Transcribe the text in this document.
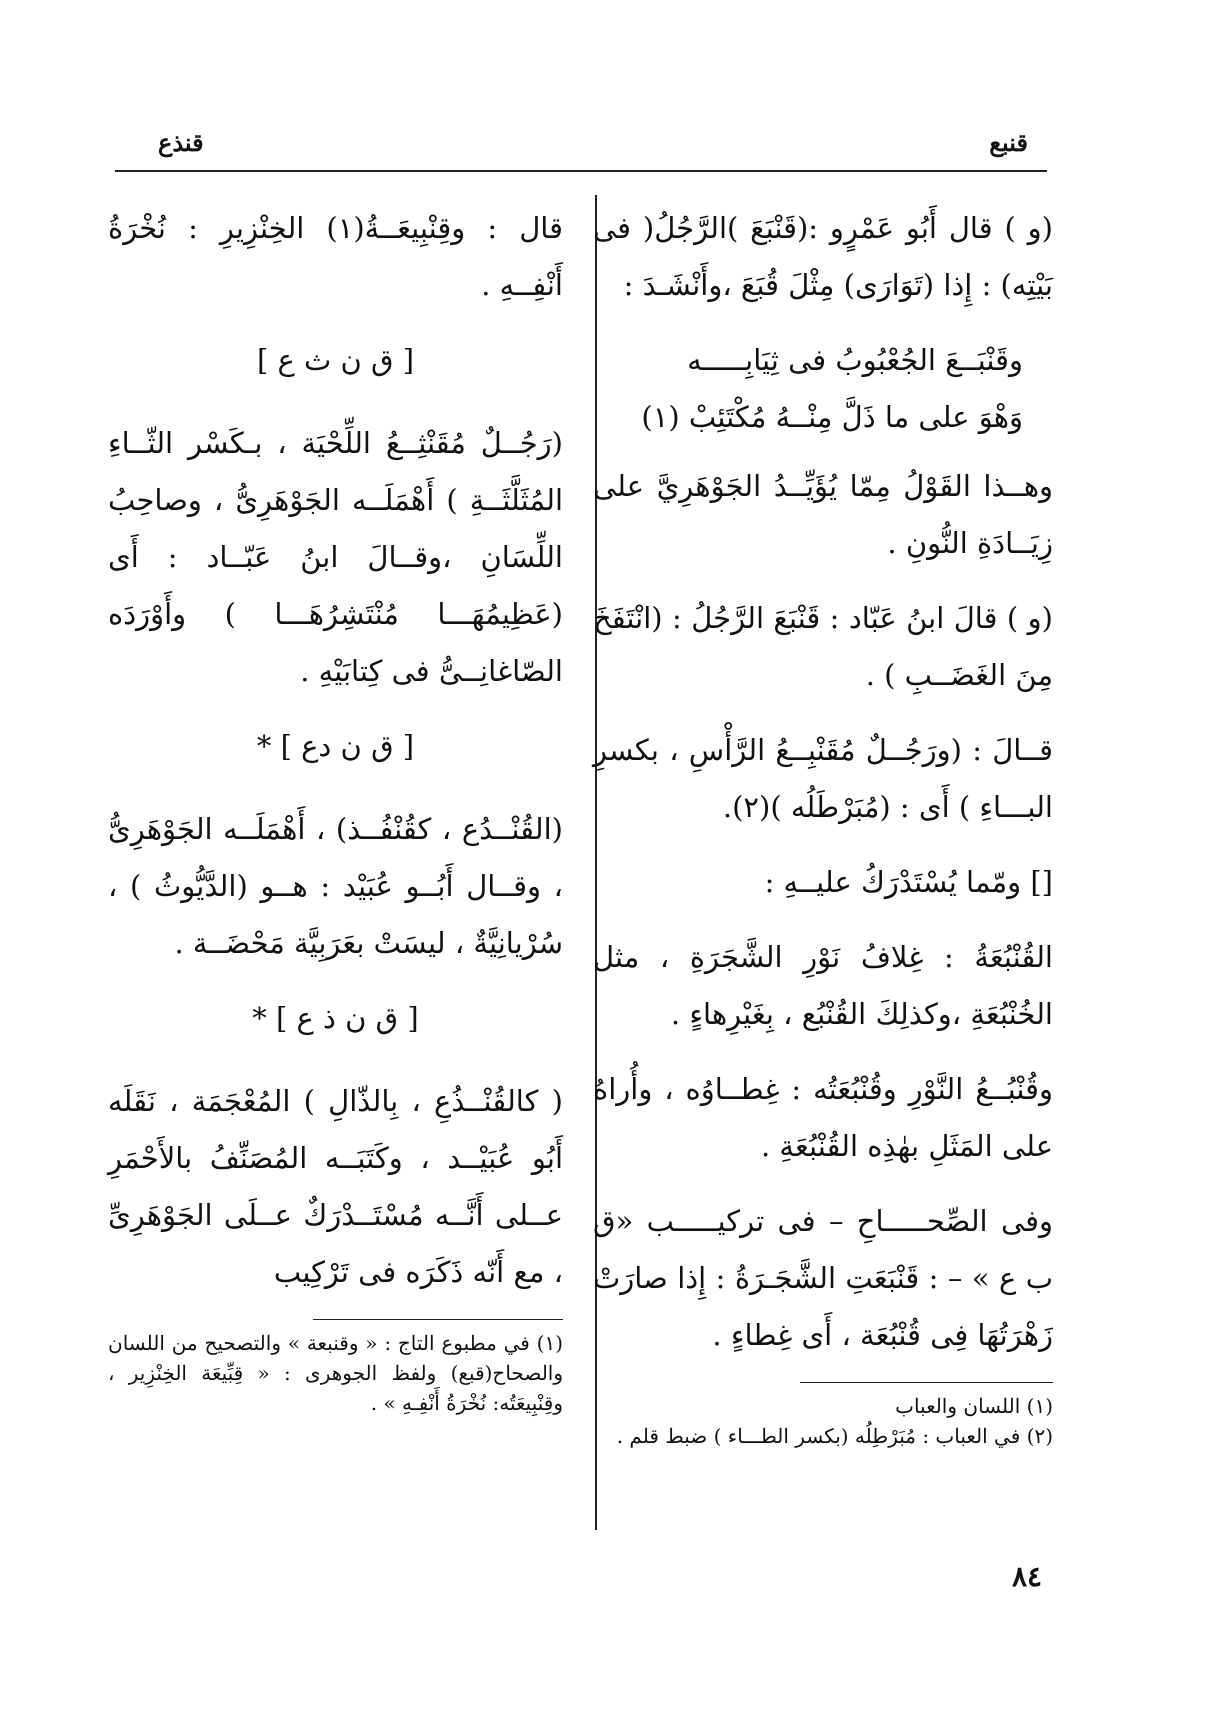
قنبع
قنذع

(و ) قال أَبُو عَمْرٍو :(قَنْبَعَ )الرَّجُلُ( فى بَيْتِه) : إِذا (تَوَارَى) مِثْلَ قُبَعَ ،وأَنْشَـدَ :

وقَنْبَــعَ الجُعْبُوبُ فى ثِيَابِـــــه
وَهْوَ على ما ذَلَّ مِنْــهُ مُكْتَئِبْ (١)

وهــذا القَوْلُ مِمّا يُؤَيِّــدُ الجَوْهَرِيَّ على زِيَــادَةِ النُّونِ .

(و ) قالَ ابنُ عَبّاد : قَنْبَعَ الرَّجُلُ : (انْتَفَخَ مِنَ الغَضَــبِ ) .

قــالَ : (ورَجُــلٌ مُقَنْبِــعُ الرَّأْسِ ، بكسرِ البـــاءِ ) أَى : (مُبَرْطَلُه )(٢).

[] ومّما يُسْتَدْرَكُ عليــهِ :

القُنْبُعَةُ : غِلافُ نَوْرِ الشَّجَرَةِ ، مثل الخُنْبُعَةِ ،وكذلِكَ القُنْبُع ، بِغَيْرِهاءٍ .

وقُنْبُــعُ النَّوْرِ وقُنْبُعَتُه : غِطــاوُه ، وأُراهُ على المَثَلِ بهٰذِه القُنْبُعَةِ .

وفى الصِّحـــــاحِ – فى تركيـــــب «ق ب ع » – : قَنْبَعَتِ الشَّجَـرَةُ : إِذا صارَتْ زَهْرَتُهَا فِى قُنْبُعَة ، أَى غِطاءٍ .

(١) اللسان والعباب

(٢) في العباب : مُبَرْطِلُه (بكسر الطـــاء ) ضبط قلم .

قال : وقِنْبِيعَــةُ(١) الخِنْزِيرِ : نُخْرَةُ أَنْفِــهِ .

[ ق ن ث ع ]

(رَجُــلٌ مُقَنْثِــعُ اللِّحْيَة ، بـكَسْر الثّــاءِ المُثَلَّثَــةِ ) أَهْمَلَــه الجَوْهَرِىُّ ، وصاحِبُ اللِّسَانِ ،وقــالَ ابنُ عَبّــاد : أَى (عَظِيمُهَـــا مُنْتَشِرُهَـــا ) وأَوْرَدَه الصّاغانِــىُّ فى كِتابَيْهِ .

[ ق ن دع ] *

(القُنْــدُع ، كقُنْفُــذ) ، أَهْمَلَــه الجَوْهَرِىُّ ، وقــال أَبُــو عُبَيْد : هــو (الدَّيُّوثُ ) ، سُرْيانِيَّةٌ ، ليسَتْ بعَرَبِيَّة مَحْضَــة .

[ ق ن ذ ع ] *

( كالقُنْــذُعِ ، بِالذّالِ ) المُعْجَمَة ، نَقَلَه أَبُو عُبَيْــد ، وكَتَبَــه المُصَنِّفُ بالأَحْمَرِ عــلى أَنَّــه مُسْتَــدْرَكٌ عــلَى الجَوْهَرِىِّ ، مع أَنّه ذَكَرَه فى تَرْكِيب

(١) في مطبوع التاج : « وقنبعة » والتصحيح من اللسان والصحاح(قبع) ولفظ الجوهرى : « قِبِّيعَة الخِنْزِير ، وقِنْبِيعَتُه: نُخْرَةُ أَنْفِـهِ » .

٨٤
